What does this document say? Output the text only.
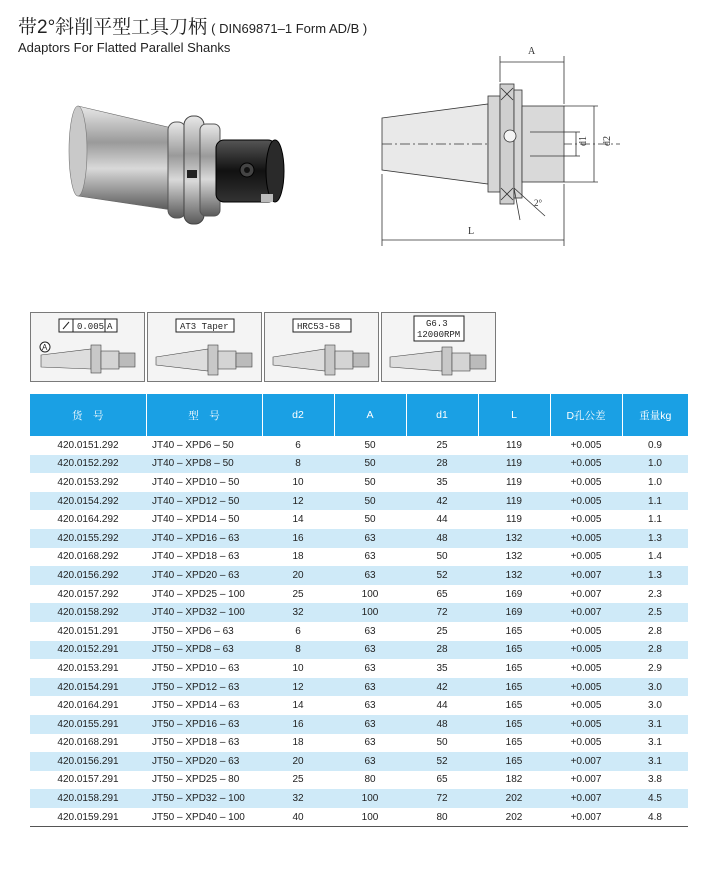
带2°斜削平型工具刀柄 ( DIN69871–1 Form AD/B )
Adaptors For Flatted Parallel Shanks	A
d1 d2
L
2°
0.005 A
A
AT3 Taper	HRC53-58	G6.3
12000RPM
货　号	型　号	d2	A	d1	L	D孔公差	重量kg
420.0151.292	JT40 – XPD6 – 50	6	50	25	119	+0.005	0.9
420.0152.292	JT40 – XPD8 – 50	8	50	28	119	+0.005	1.0
420.0153.292	JT40 – XPD10 – 50	10	50	35	119	+0.005	1.0
420.0154.292	JT40 – XPD12 – 50	12	50	42	119	+0.005	1.1
420.0164.292	JT40 – XPD14 – 50	14	50	44	119	+0.005	1.1
420.0155.292	JT40 – XPD16 – 63	16	63	48	132	+0.005	1.3
420.0168.292	JT40 – XPD18 – 63	18	63	50	132	+0.005	1.4
420.0156.292	JT40 – XPD20 – 63	20	63	52	132	+0.007	1.3
420.0157.292	JT40 – XPD25 – 100	25	100	65	169	+0.007	2.3
420.0158.292	JT40 – XPD32 – 100	32	100	72	169	+0.007	2.5
420.0151.291	JT50 – XPD6 – 63	6	63	25	165	+0.005	2.8
420.0152.291	JT50 – XPD8 – 63	8	63	28	165	+0.005	2.8
420.0153.291	JT50 – XPD10 – 63	10	63	35	165	+0.005	2.9
420.0154.291	JT50 – XPD12 – 63	12	63	42	165	+0.005	3.0
420.0164.291	JT50 – XPD14 – 63	14	63	44	165	+0.005	3.0
420.0155.291	JT50 – XPD16 – 63	16	63	48	165	+0.005	3.1
420.0168.291	JT50 – XPD18 – 63	18	63	50	165	+0.005	3.1
420.0156.291	JT50 – XPD20 – 63	20	63	52	165	+0.007	3.1
420.0157.291	JT50 – XPD25 – 80	25	80	65	182	+0.007	3.8
420.0158.291	JT50 – XPD32 – 100	32	100	72	202	+0.007	4.5
420.0159.291	JT50 – XPD40 – 100	40	100	80	202	+0.007	4.8
